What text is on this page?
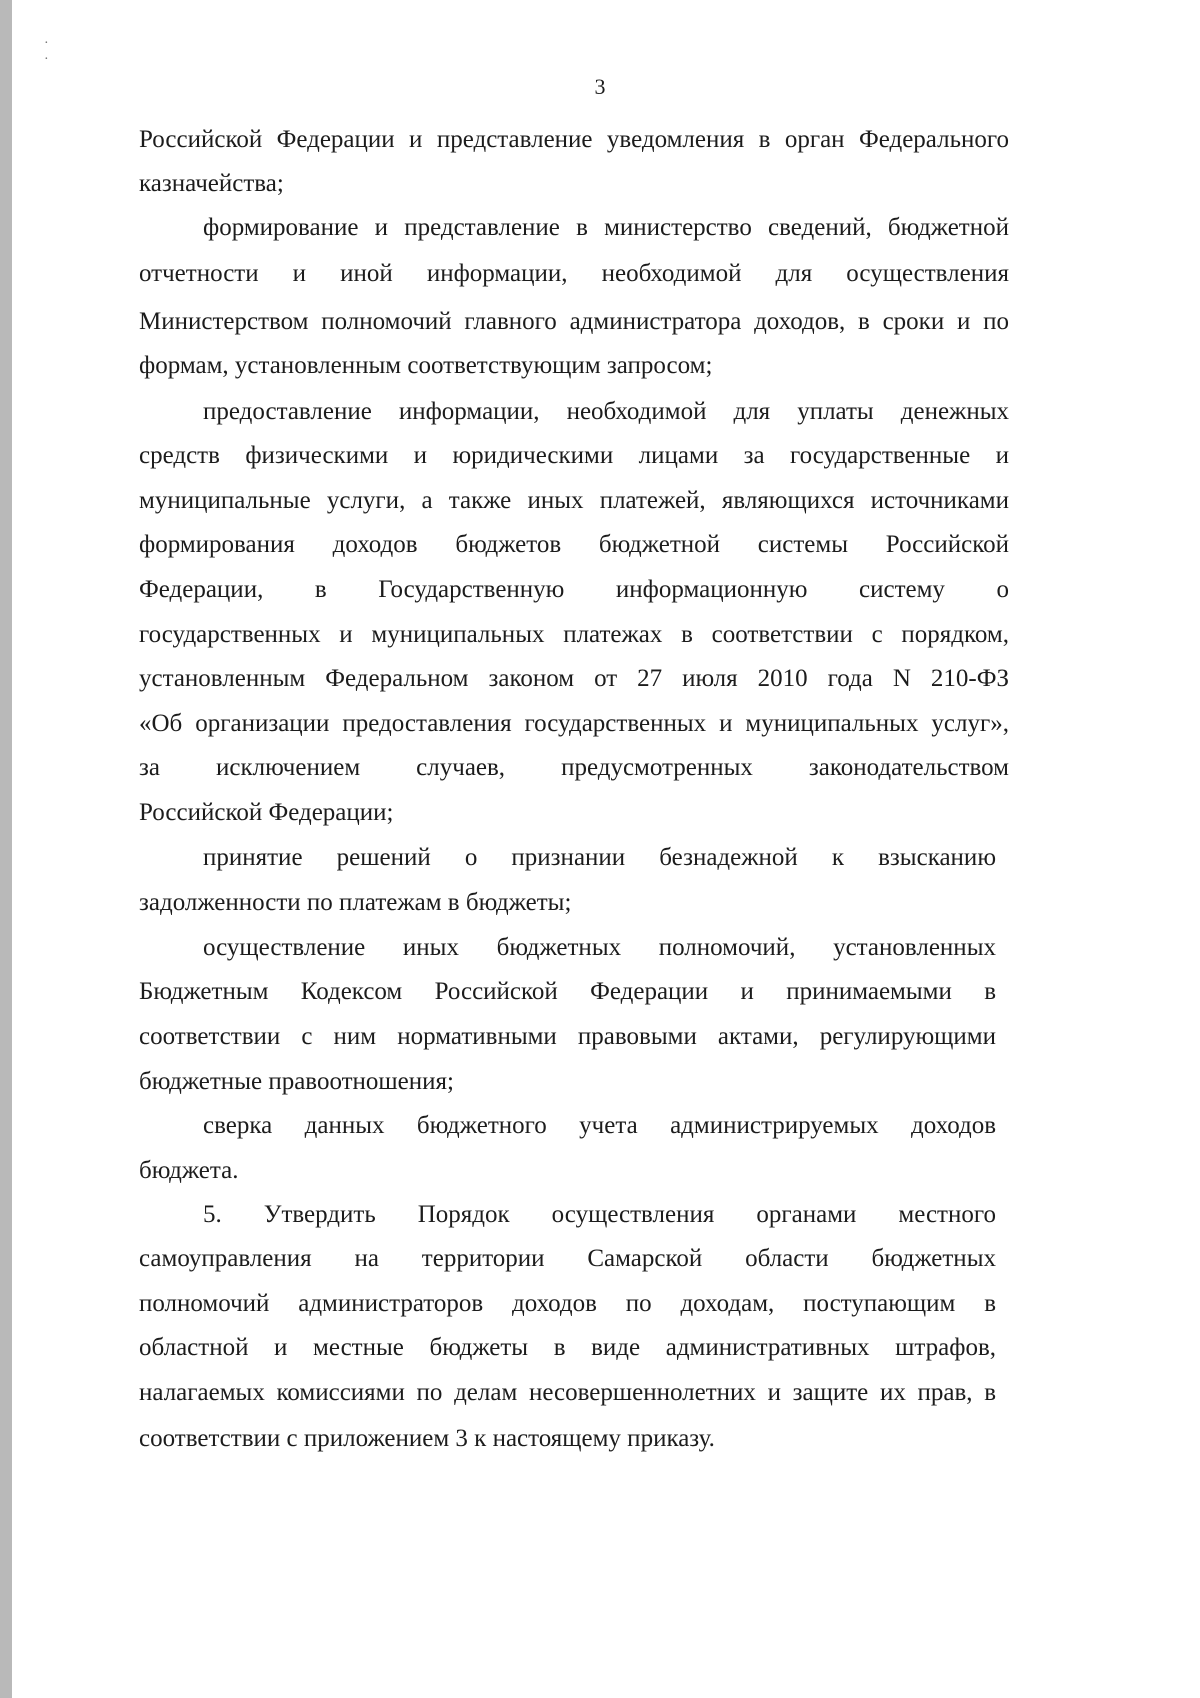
· ·
3
Российской Федерации и представление уведомления в орган Федерального
казначейства;
формирование и представление в министерство сведений, бюджетной
отчетности и иной информации, необходимой для осуществления
Министерством полномочий главного администратора доходов, в сроки и по
формам, установленным соответствующим запросом;
предоставление информации, необходимой для уплаты денежных
средств физическими и юридическими лицами за государственные и
муниципальные услуги, а также иных платежей, являющихся источниками
формирования доходов бюджетов бюджетной системы Российской
Федерации, в Государственную информационную систему о
государственных и муниципальных платежах в соответствии с порядком,
установленным Федеральном законом от 27 июля 2010 года N 210-ФЗ
«Об организации предоставления государственных и муниципальных услуг»,
за исключением случаев, предусмотренных законодательством
Российской Федерации;
принятие решений о признании безнадежной к взысканию
задолженности по платежам в бюджеты;
осуществление иных бюджетных полномочий, установленных
Бюджетным Кодексом Российской Федерации и принимаемыми в
соответствии с ним нормативными правовыми актами, регулирующими
бюджетные правоотношения;
сверка данных бюджетного учета администрируемых доходов
бюджета.
5. Утвердить Порядок осуществления органами местного
самоуправления на территории Самарской области бюджетных
полномочий администраторов доходов по доходам, поступающим в
областной и местные бюджеты в виде административных штрафов,
налагаемых комиссиями по делам несовершеннолетних и защите их прав, в
соответствии с приложением 3 к настоящему приказу.
